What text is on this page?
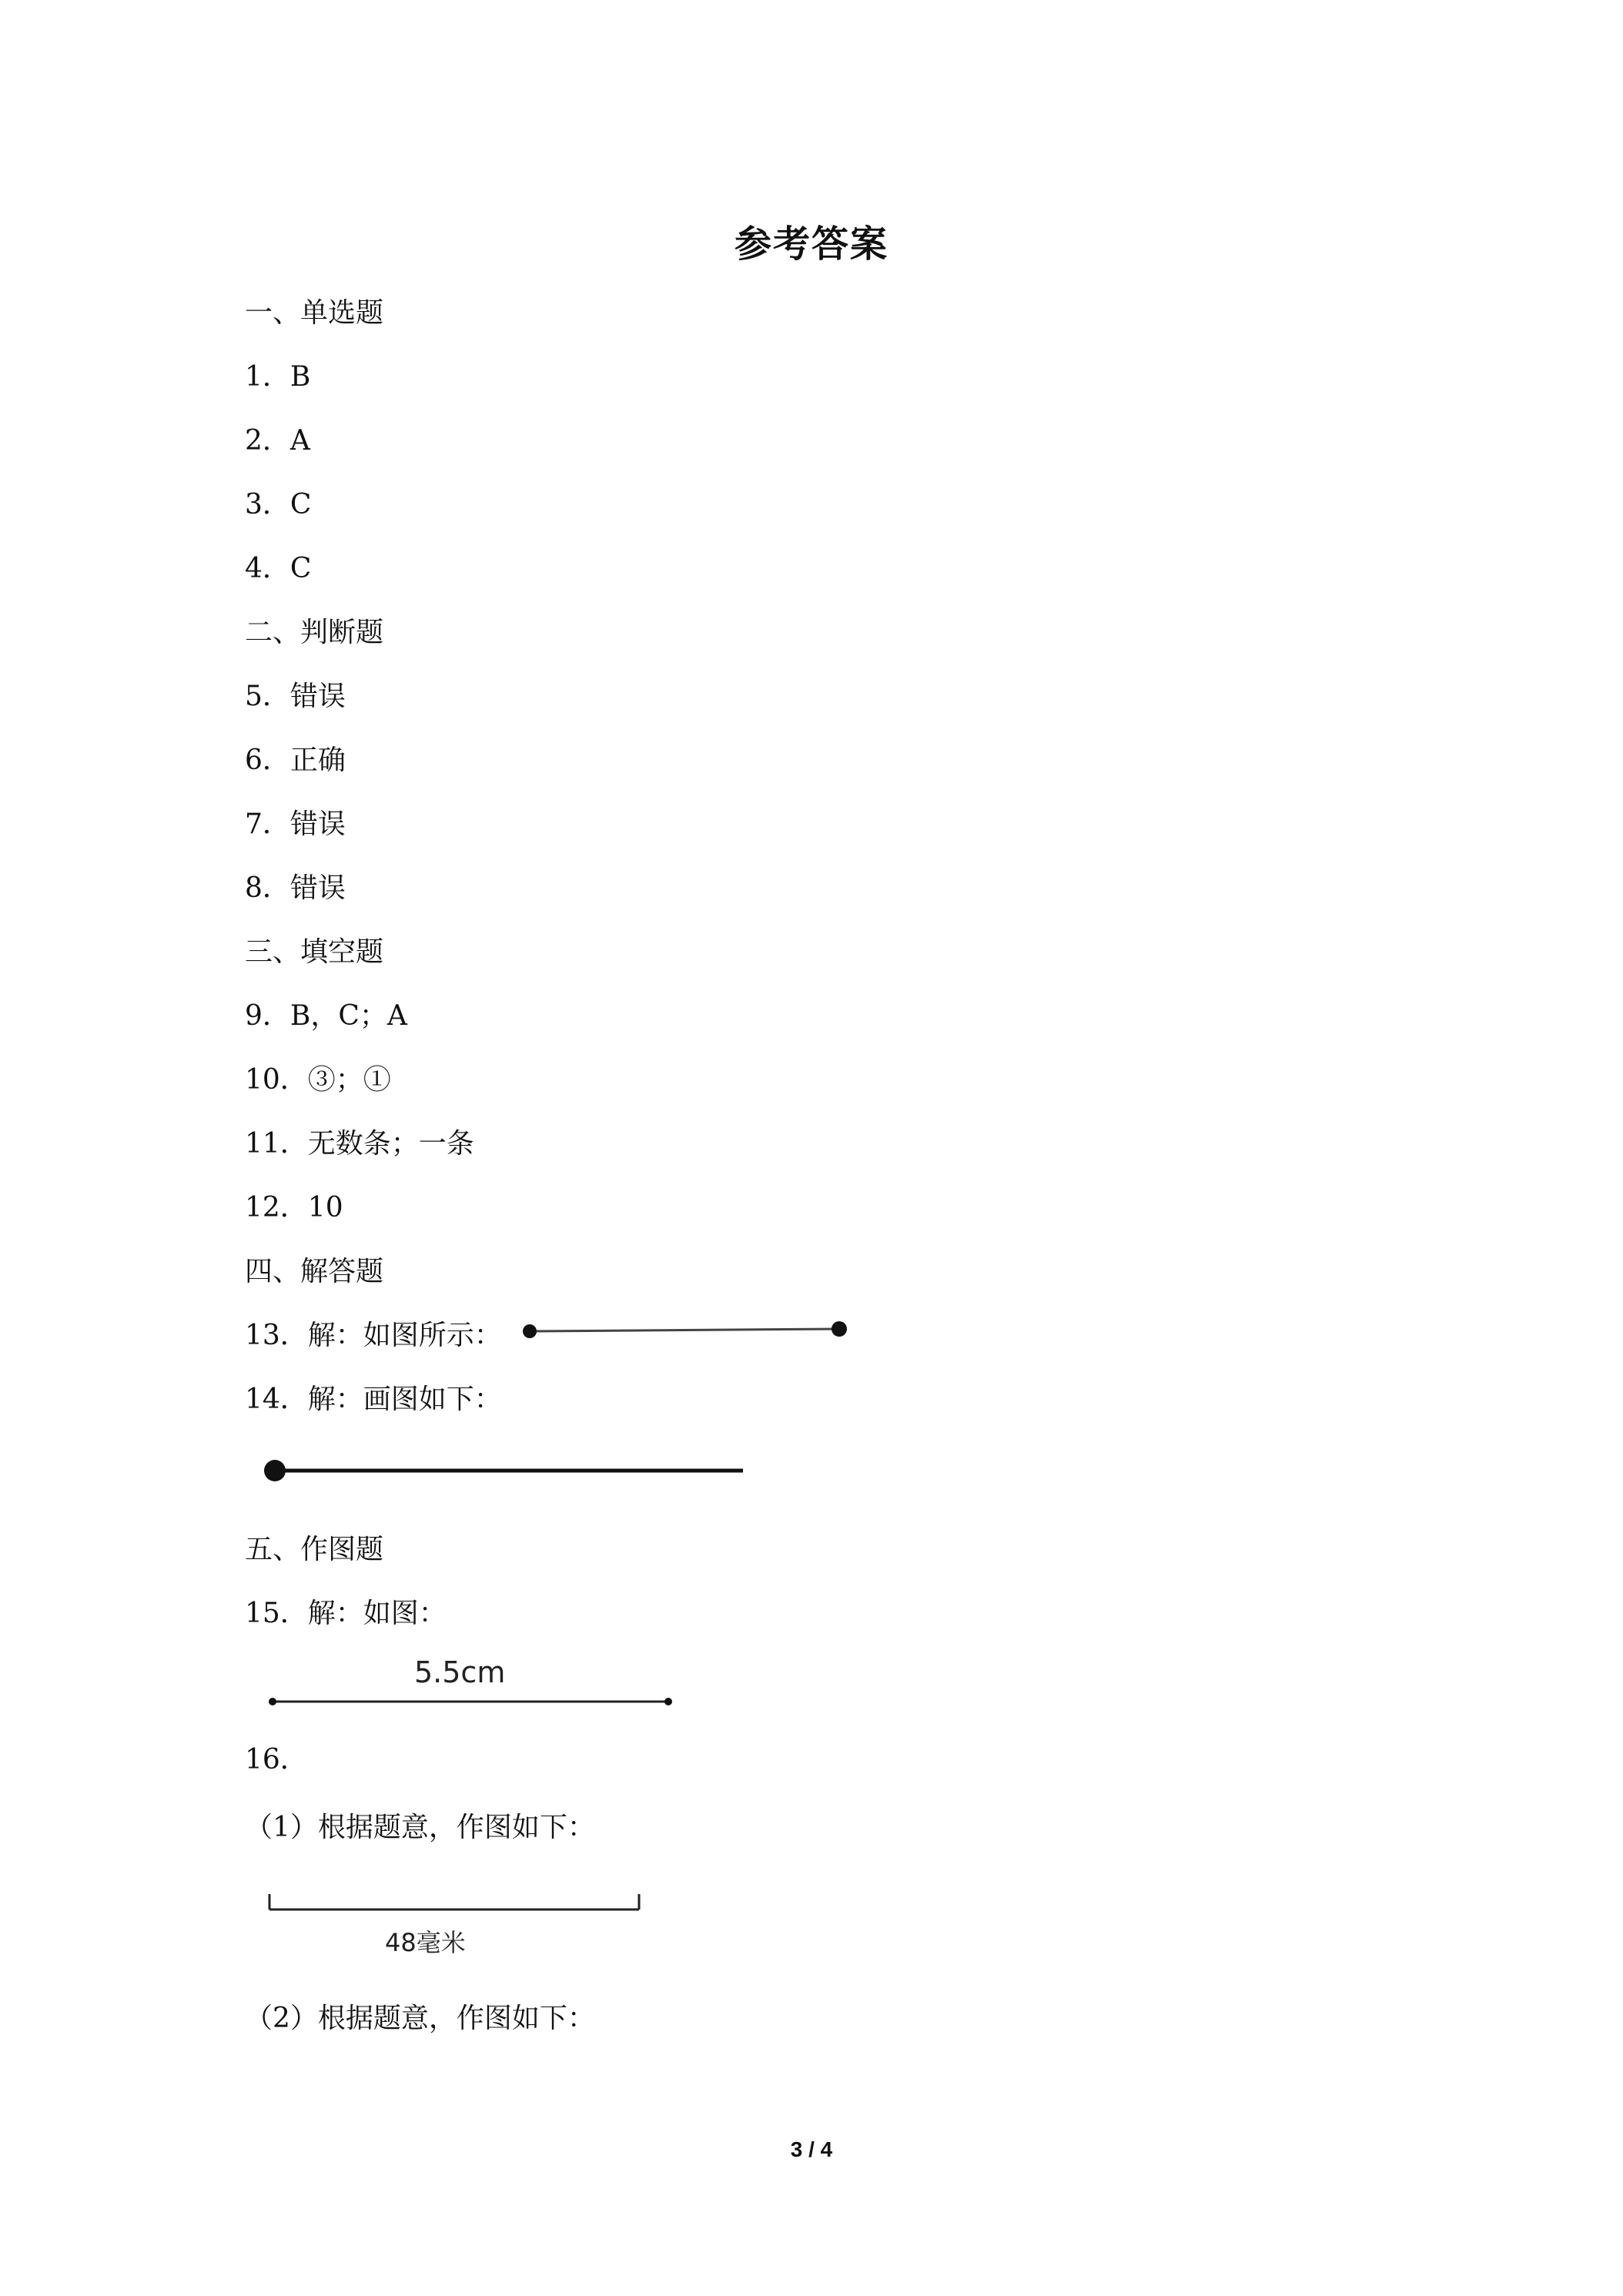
参考答案
一、单选题
1．B
2．A
3．C
4．C
二、判断题
5．错误
6．正确
7．错误
8．错误
三、填空题
9．B，C；A
10．③；①
11．无数条；一条
12．10
四、解答题
13．解：如图所示：
14．解：画图如下：
五、作图题
15．解：如图：
5.5cm
16．
（1）根据题意，作图如下：
48毫米
（2）根据题意，作图如下：
3 / 4
